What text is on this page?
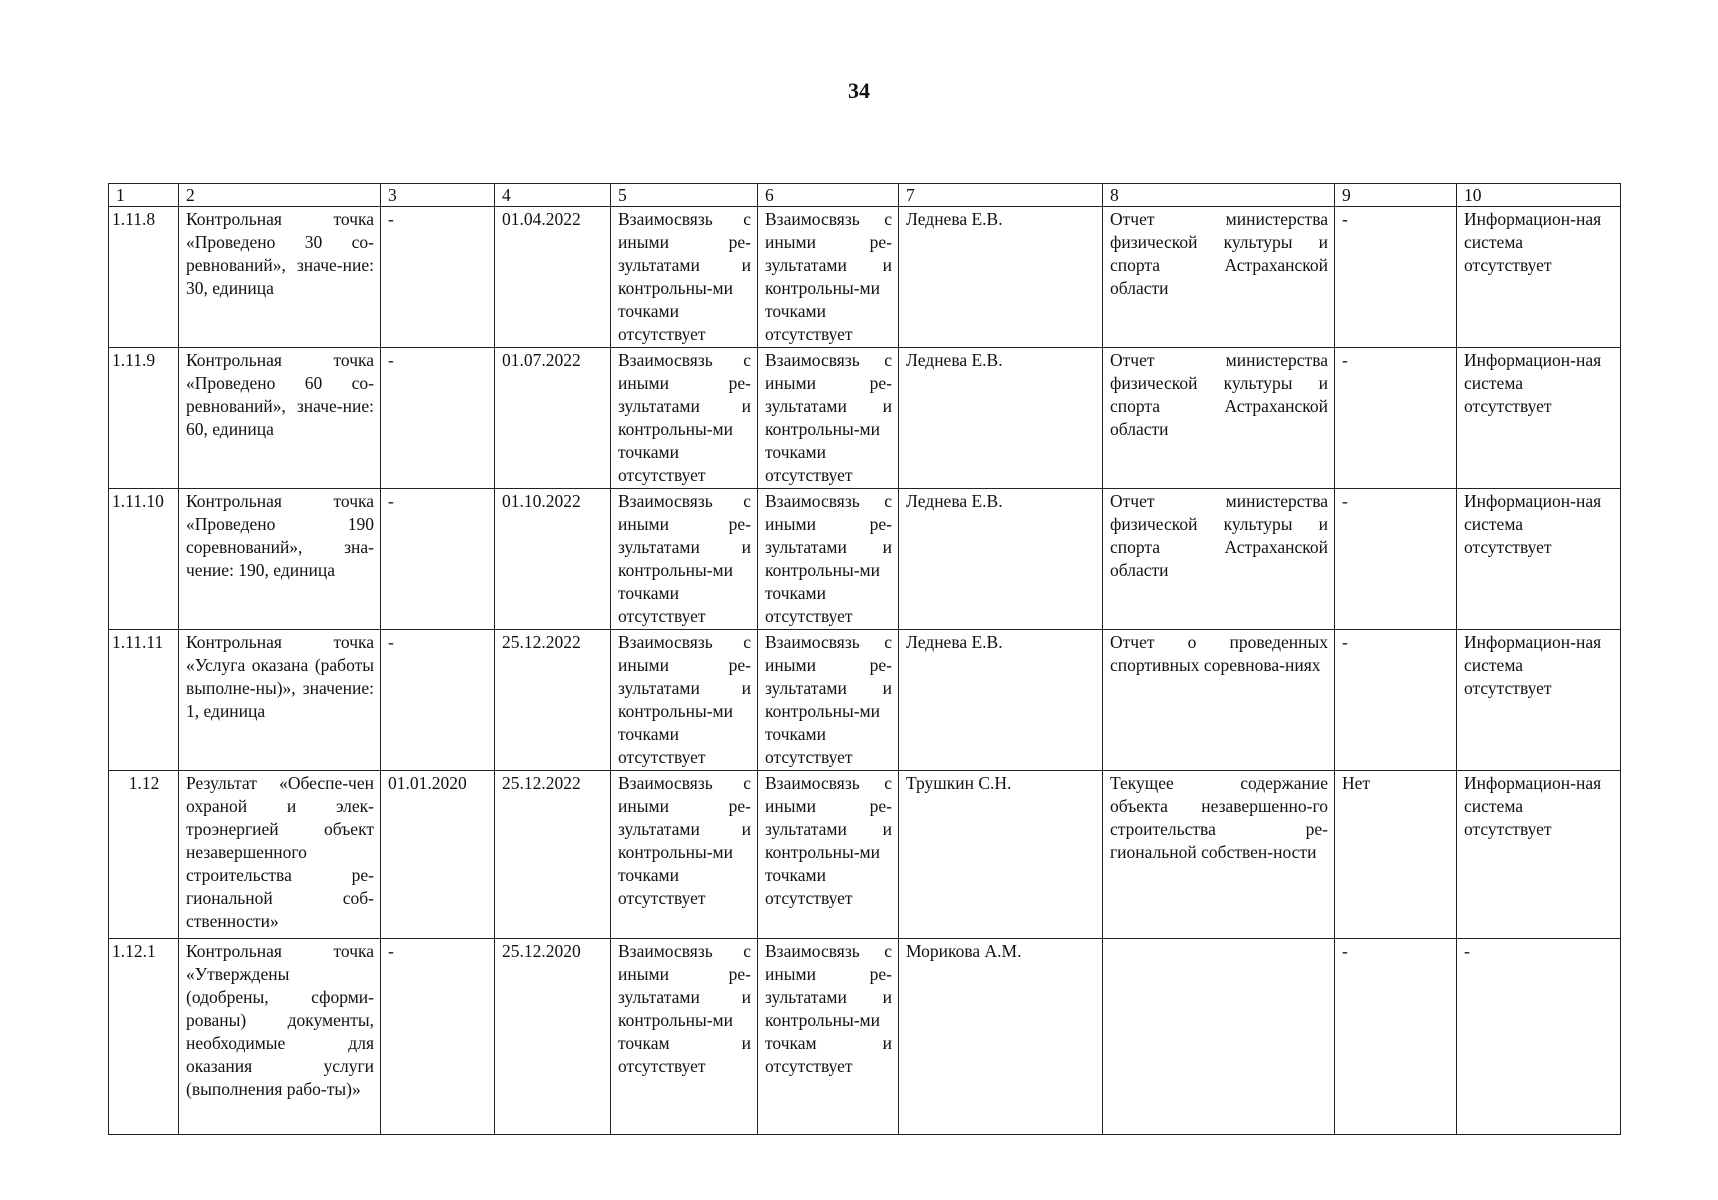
34
1	2	3	4	5	6	7	8	9	10
1.11.8	Контрольная точка «Проведено 30 со-ревнований», значе-ние: 30, единица	-	01.04.2022	Взаимосвязь с иными ре-зультатами и контрольны-ми точками отсутствует	Взаимосвязь с иными ре-зультатами и контрольны-ми точками отсутствует	Леднева Е.В.	Отчет министерства физической культуры и спорта Астраханской области	-	Информацион-ная система отсутствует
1.11.9	Контрольная точка «Проведено 60 со-ревнований», значе-ние: 60, единица	-	01.07.2022	Взаимосвязь с иными ре-зультатами и контрольны-ми точками отсутствует	Взаимосвязь с иными ре-зультатами и контрольны-ми точками отсутствует	Леднева Е.В.	Отчет министерства физической культуры и спорта Астраханской области	-	Информацион-ная система отсутствует
1.11.10	Контрольная точка «Проведено 190 соревнований», зна-чение: 190, единица	-	01.10.2022	Взаимосвязь с иными ре-зультатами и контрольны-ми точками отсутствует	Взаимосвязь с иными ре-зультатами и контрольны-ми точками отсутствует	Леднева Е.В.	Отчет министерства физической культуры и спорта Астраханской области	-	Информацион-ная система отсутствует
1.11.11	Контрольная точка «Услуга оказана (работы выполне-ны)», значение: 1, единица	-	25.12.2022	Взаимосвязь с иными ре-зультатами и контрольны-ми точками отсутствует	Взаимосвязь с иными ре-зультатами и контрольны-ми точками отсутствует	Леднева Е.В.	Отчет о проведенных спортивных соревнова-ниях	-	Информацион-ная система отсутствует
1.12	Результат «Обеспе-чен охраной и элек-троэнергией объект незавершенного строительства ре-гиональной соб-ственности»	01.01.2020	25.12.2022	Взаимосвязь с иными ре-зультатами и контрольны-ми точками отсутствует	Взаимосвязь с иными ре-зультатами и контрольны-ми точками отсутствует	Трушкин С.Н.	Текущее содержание объекта незавершенно-го строительства ре-гиональной собствен-ности	Нет	Информацион-ная система отсутствует
1.12.1	Контрольная точка «Утверждены (одобрены, сформи-рованы) документы, необходимые для оказания услуги (выполнения рабо-ты)»	-	25.12.2020	Взаимосвязь с иными ре-зультатами и контрольны-ми точкам и отсутствует	Взаимосвязь с иными ре-зультатами и контрольны-ми точкам и отсутствует	Морикова А.М.		-	-
